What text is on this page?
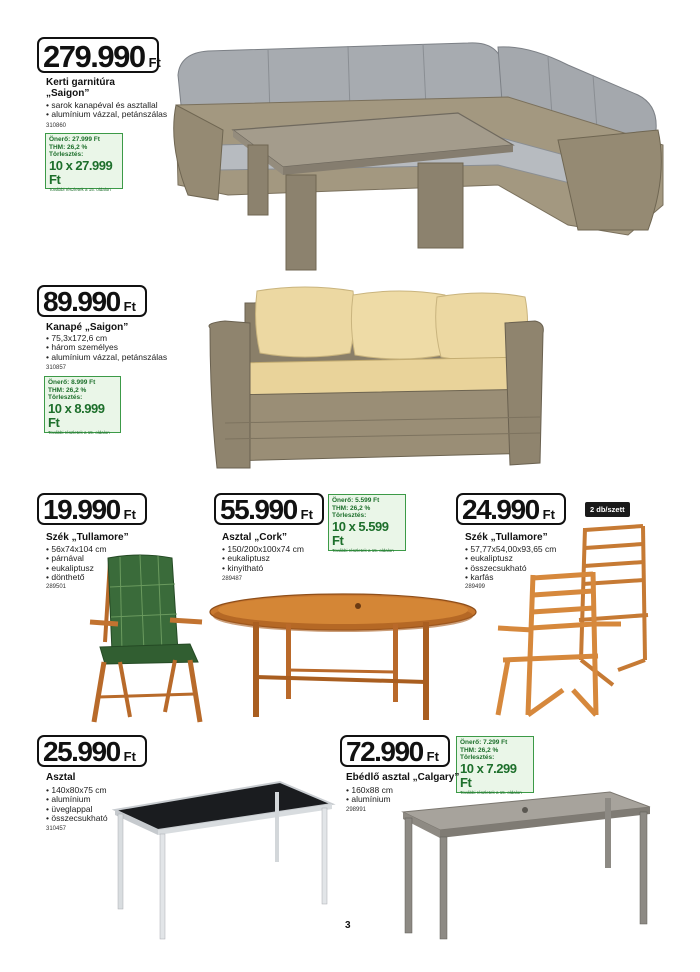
279.990 Ft
Kerti garnitúra
„Saigon”
• sarok kanapéval és asztallal
• alumínium vázzal, petánszálas
310860
Önerő: 27.999 Ft
THM: 26,2 %
Törlesztés:
10 x 27.999 Ft
További részletek a 15. oldalon
89.990 Ft
Kanapé „Saigon”
• 75,3x172,6 cm
• három személyes
• alumínium vázzal, petánszálas
310857
Önerő: 8.999 Ft
THM: 26,2 %
Törlesztés:
10 x 8.999 Ft
További részletek a 15. oldalon
19.990 Ft
Szék „Tullamore”
• 56x74x104 cm
• párnával
• eukaliptusz
• dönthető
289501
55.990 Ft
Önerő: 5.599 Ft
THM: 26,2 %
Törlesztés:
10 x 5.599 Ft
További részletek a 15. oldalon
Asztal „Cork”
• 150/200x100x74 cm
• eukaliptusz
• kinyitható
289487
24.990 Ft	2 db/szett
Szék „Tullamore”
• 57,77x54,00x93,65 cm
• eukaliptusz
• összecsukható
• karfás
289499
25.990 Ft
Asztal
• 140x80x75 cm
• alumínium
• üveglappal
• összecsukható
310457
72.990 Ft
Önerő: 7.299 Ft
THM: 26,2 %
Törlesztés:
10 x 7.299 Ft
További részletek a 15. oldalon
Ebédlő asztal „Calgary”
• 160x88 cm
• alumínium
298991
3
